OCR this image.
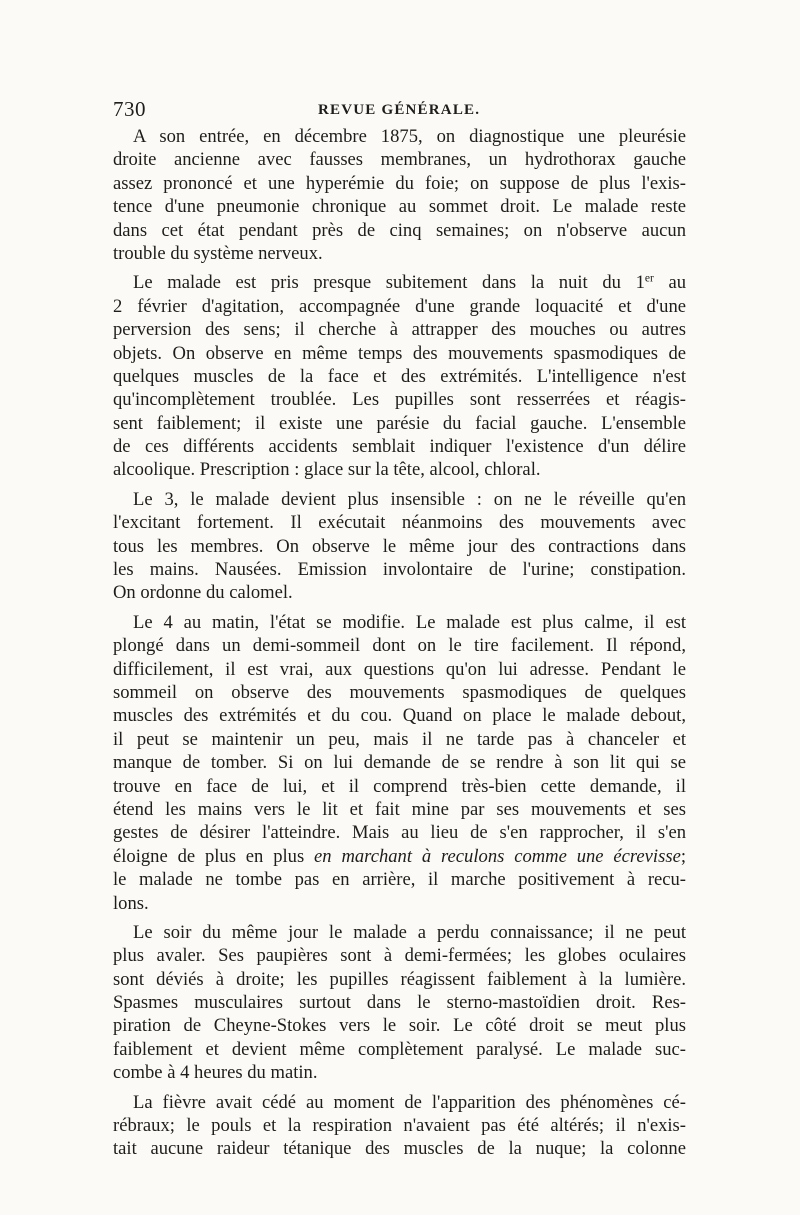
730	REVUE GÉNÉRALE.
A son entrée, en décembre 1875, on diagnostique une pleurésie
droite ancienne avec fausses membranes, un hydrothorax gauche
assez prononcé et une hyperémie du foie; on suppose de plus l'exis-
tence d'une pneumonie chronique au sommet droit. Le malade reste
dans cet état pendant près de cinq semaines; on n'observe aucun
trouble du système nerveux.
Le malade est pris presque subitement dans la nuit du 1er au
2 février d'agitation, accompagnée d'une grande loquacité et d'une
perversion des sens; il cherche à attrapper des mouches ou autres
objets. On observe en même temps des mouvements spasmodiques de
quelques muscles de la face et des extrémités. L'intelligence n'est
qu'incomplètement troublée. Les pupilles sont resserrées et réagis-
sent faiblement; il existe une parésie du facial gauche. L'ensemble
de ces différents accidents semblait indiquer l'existence d'un délire
alcoolique. Prescription : glace sur la tête, alcool, chloral.
Le 3, le malade devient plus insensible : on ne le réveille qu'en
l'excitant fortement. Il exécutait néanmoins des mouvements avec
tous les membres. On observe le même jour des contractions dans
les mains. Nausées. Emission involontaire de l'urine; constipation.
On ordonne du calomel.
Le 4 au matin, l'état se modifie. Le malade est plus calme, il est
plongé dans un demi-sommeil dont on le tire facilement. Il répond,
difficilement, il est vrai, aux questions qu'on lui adresse. Pendant le
sommeil on observe des mouvements spasmodiques de quelques
muscles des extrémités et du cou. Quand on place le malade debout,
il peut se maintenir un peu, mais il ne tarde pas à chanceler et
manque de tomber. Si on lui demande de se rendre à son lit qui se
trouve en face de lui, et il comprend très-bien cette demande, il
étend les mains vers le lit et fait mine par ses mouvements et ses
gestes de désirer l'atteindre. Mais au lieu de s'en rapprocher, il s'en
éloigne de plus en plus en marchant à reculons comme une écrevisse;
le malade ne tombe pas en arrière, il marche positivement à recu-
lons.
Le soir du même jour le malade a perdu connaissance; il ne peut
plus avaler. Ses paupières sont à demi-fermées; les globes oculaires
sont déviés à droite; les pupilles réagissent faiblement à la lumière.
Spasmes musculaires surtout dans le sterno-mastoïdien droit. Res-
piration de Cheyne-Stokes vers le soir. Le côté droit se meut plus
faiblement et devient même complètement paralysé. Le malade suc-
combe à 4 heures du matin.
La fièvre avait cédé au moment de l'apparition des phénomènes cé-
rébraux; le pouls et la respiration n'avaient pas été altérés; il n'exis-
tait aucune raideur tétanique des muscles de la nuque; la colonne
